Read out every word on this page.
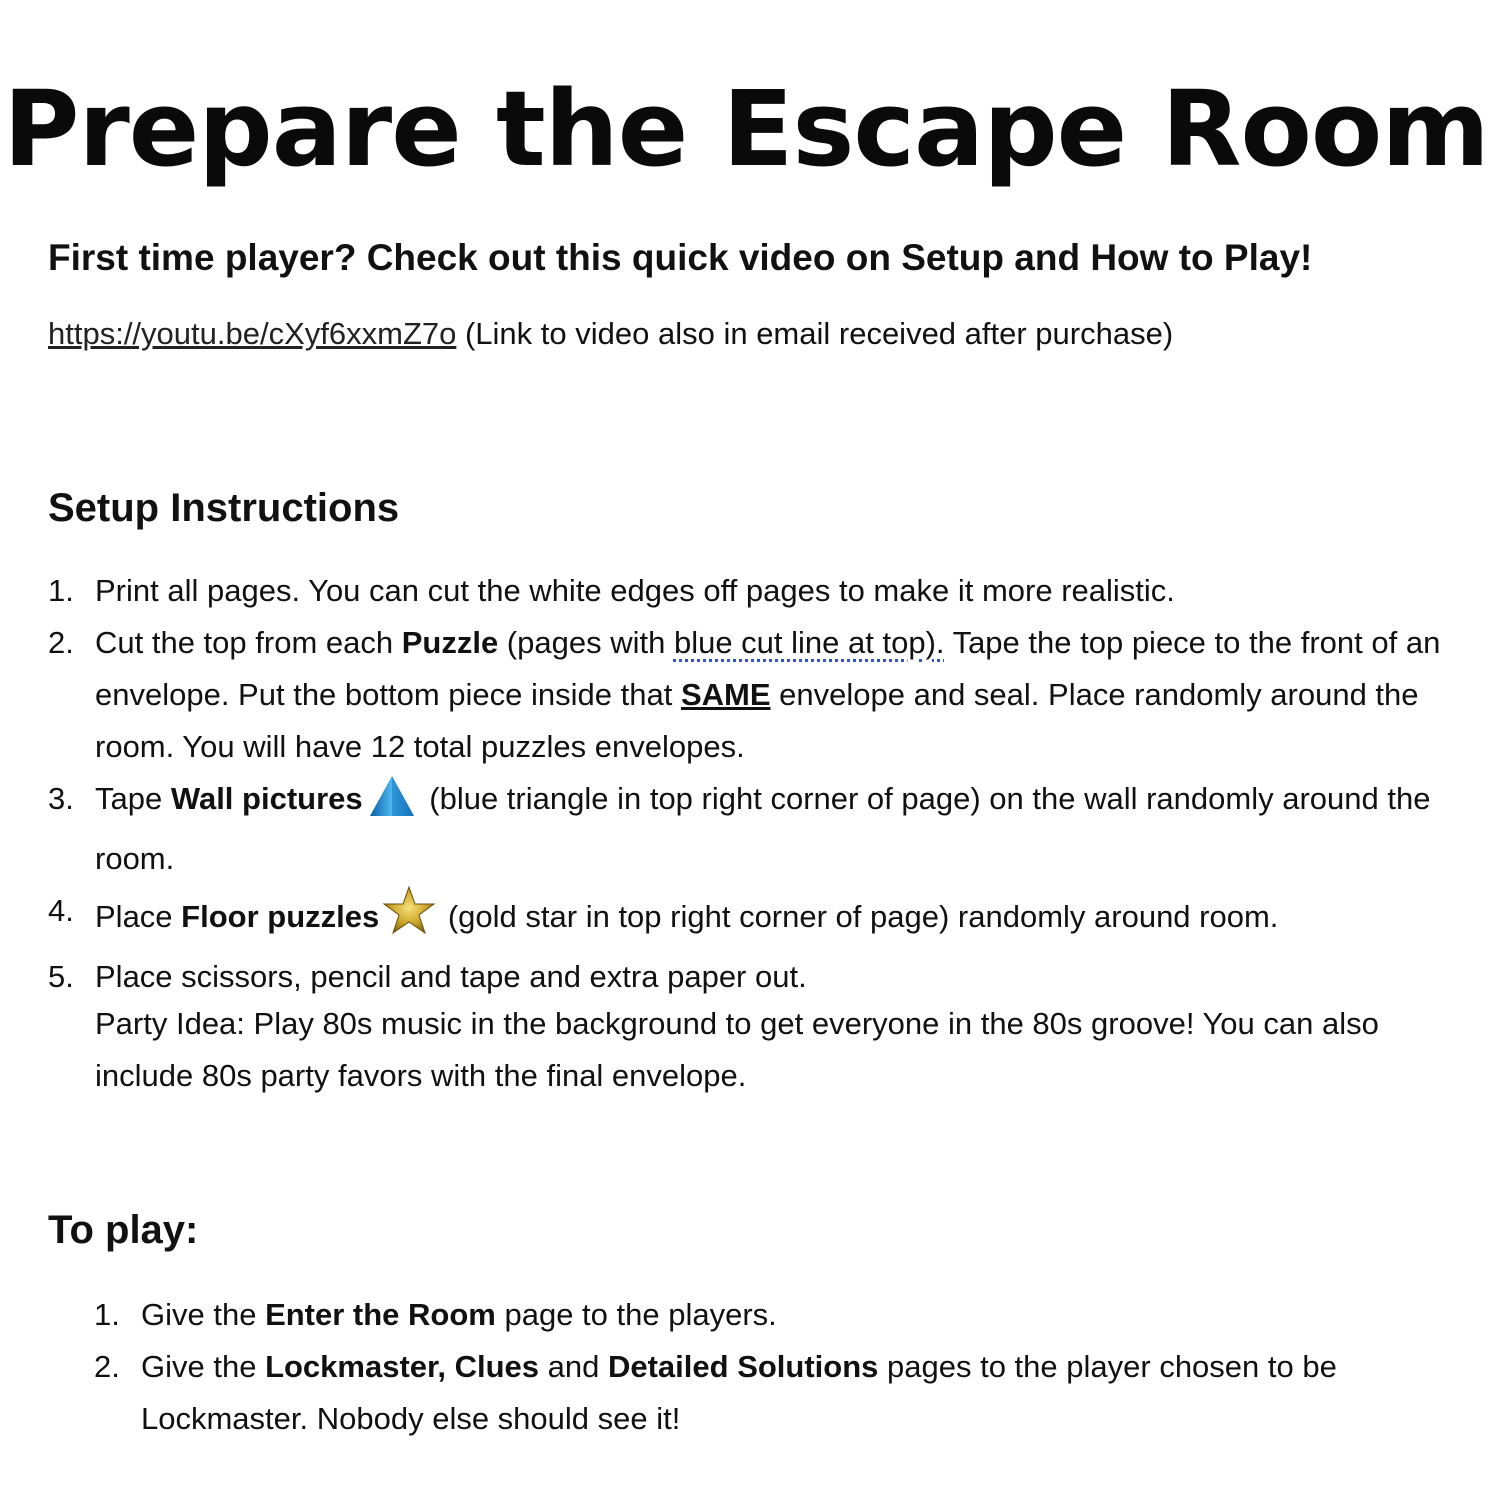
Prepare the Escape Room

First time player? Check out this quick video on Setup and How to Play!

https://youtu.be/cXyf6xxmZ7o (Link to video also in email received after purchase)

Setup Instructions
1. Print all pages. You can cut the white edges off pages to make it more realistic.
2. Cut the top from each Puzzle (pages with blue cut line at top). Tape the top piece to the front of an envelope. Put the bottom piece inside that SAME envelope and seal. Place randomly around the room. You will have 12 total puzzles envelopes.
3. Tape Wall pictures (blue triangle in top right corner of page) on the wall randomly around the room.
4. Place Floor puzzles (gold star in top right corner of page) randomly around room.
5. Place scissors, pencil and tape and extra paper out.

Party Idea: Play 80s music in the background to get everyone in the 80s groove! You can also include 80s party favors with the final envelope.

To play:
1. Give the Enter the Room page to the players.
2. Give the Lockmaster, Clues and Detailed Solutions pages to the player chosen to be Lockmaster. Nobody else should see it!
